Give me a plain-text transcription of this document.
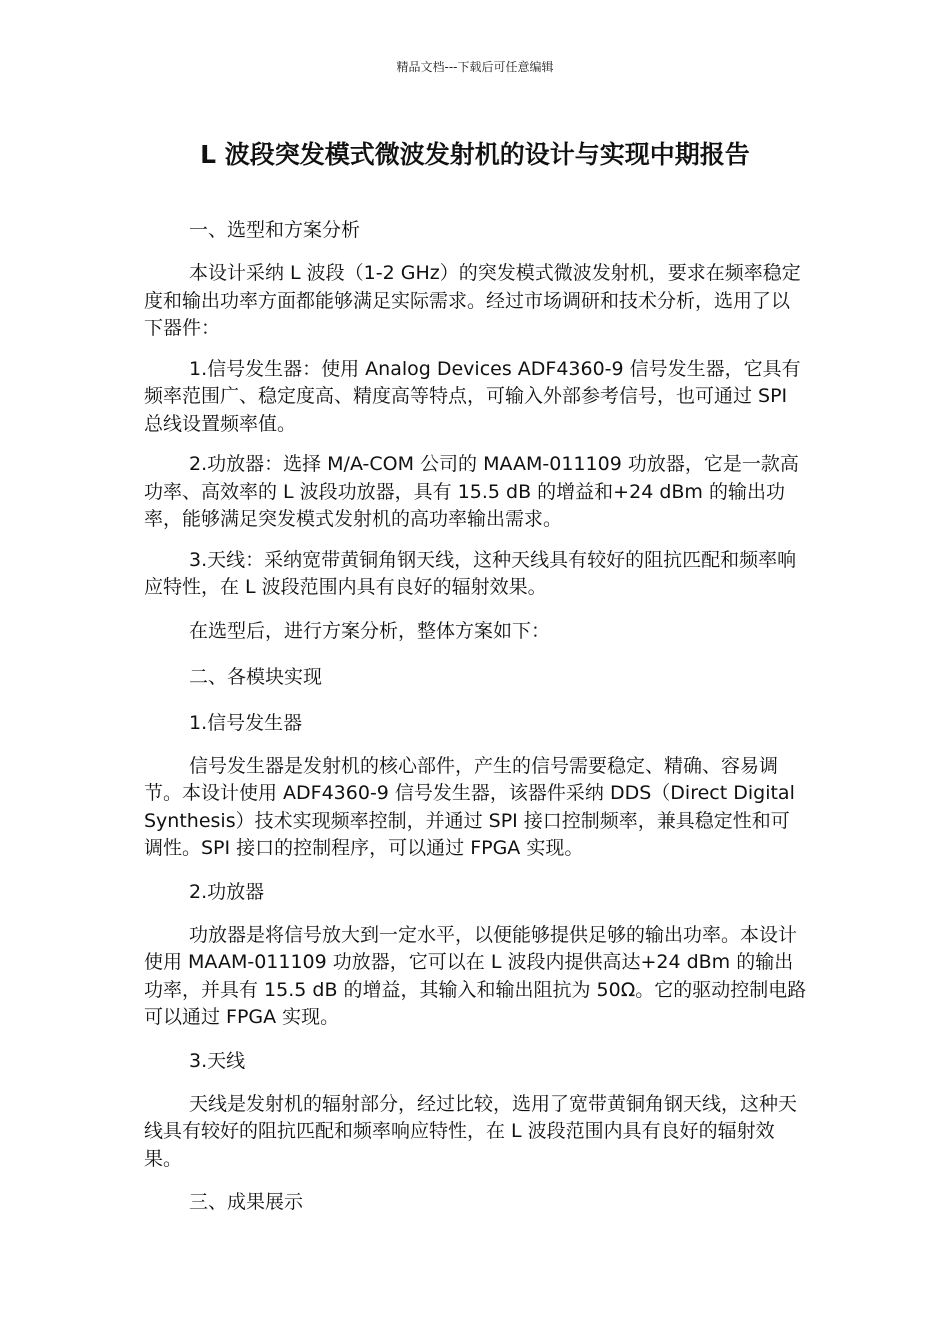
精品文档---下载后可任意编辑
L 波段突发模式微波发射机的设计与实现中期报告

一、选型和方案分析

本设计采纳 L 波段（1-2 GHz）的突发模式微波发射机，要求在频率稳定度和输出功率方面都能够满足实际需求。经过市场调研和技术分析，选用了以下器件：

1.信号发生器：使用 Analog Devices ADF4360-9 信号发生器，它具有频率范围广、稳定度高、精度高等特点，可输入外部参考信号，也可通过 SPI 总线设置频率值。

2.功放器：选择 M/A-COM 公司的 MAAM-011109 功放器，它是一款高功率、高效率的 L 波段功放器，具有 15.5 dB 的增益和+24 dBm 的输出功率，能够满足突发模式发射机的高功率输出需求。

3.天线：采纳宽带黄铜角钢天线，这种天线具有较好的阻抗匹配和频率响应特性，在 L 波段范围内具有良好的辐射效果。

在选型后，进行方案分析，整体方案如下：

二、各模块实现

1.信号发生器

信号发生器是发射机的核心部件，产生的信号需要稳定、精确、容易调节。本设计使用 ADF4360-9 信号发生器，该器件采纳 DDS（Direct Digital Synthesis）技术实现频率控制，并通过 SPI 接口控制频率，兼具稳定性和可调性。SPI 接口的控制程序，可以通过 FPGA 实现。

2.功放器

功放器是将信号放大到一定水平，以便能够提供足够的输出功率。本设计使用 MAAM-011109 功放器，它可以在 L 波段内提供高达+24 dBm 的输出功率，并具有 15.5 dB 的增益，其输入和输出阻抗为 50Ω。它的驱动控制电路可以通过 FPGA 实现。

3.天线

天线是发射机的辐射部分，经过比较，选用了宽带黄铜角钢天线，这种天线具有较好的阻抗匹配和频率响应特性，在 L 波段范围内具有良好的辐射效果。

三、成果展示
